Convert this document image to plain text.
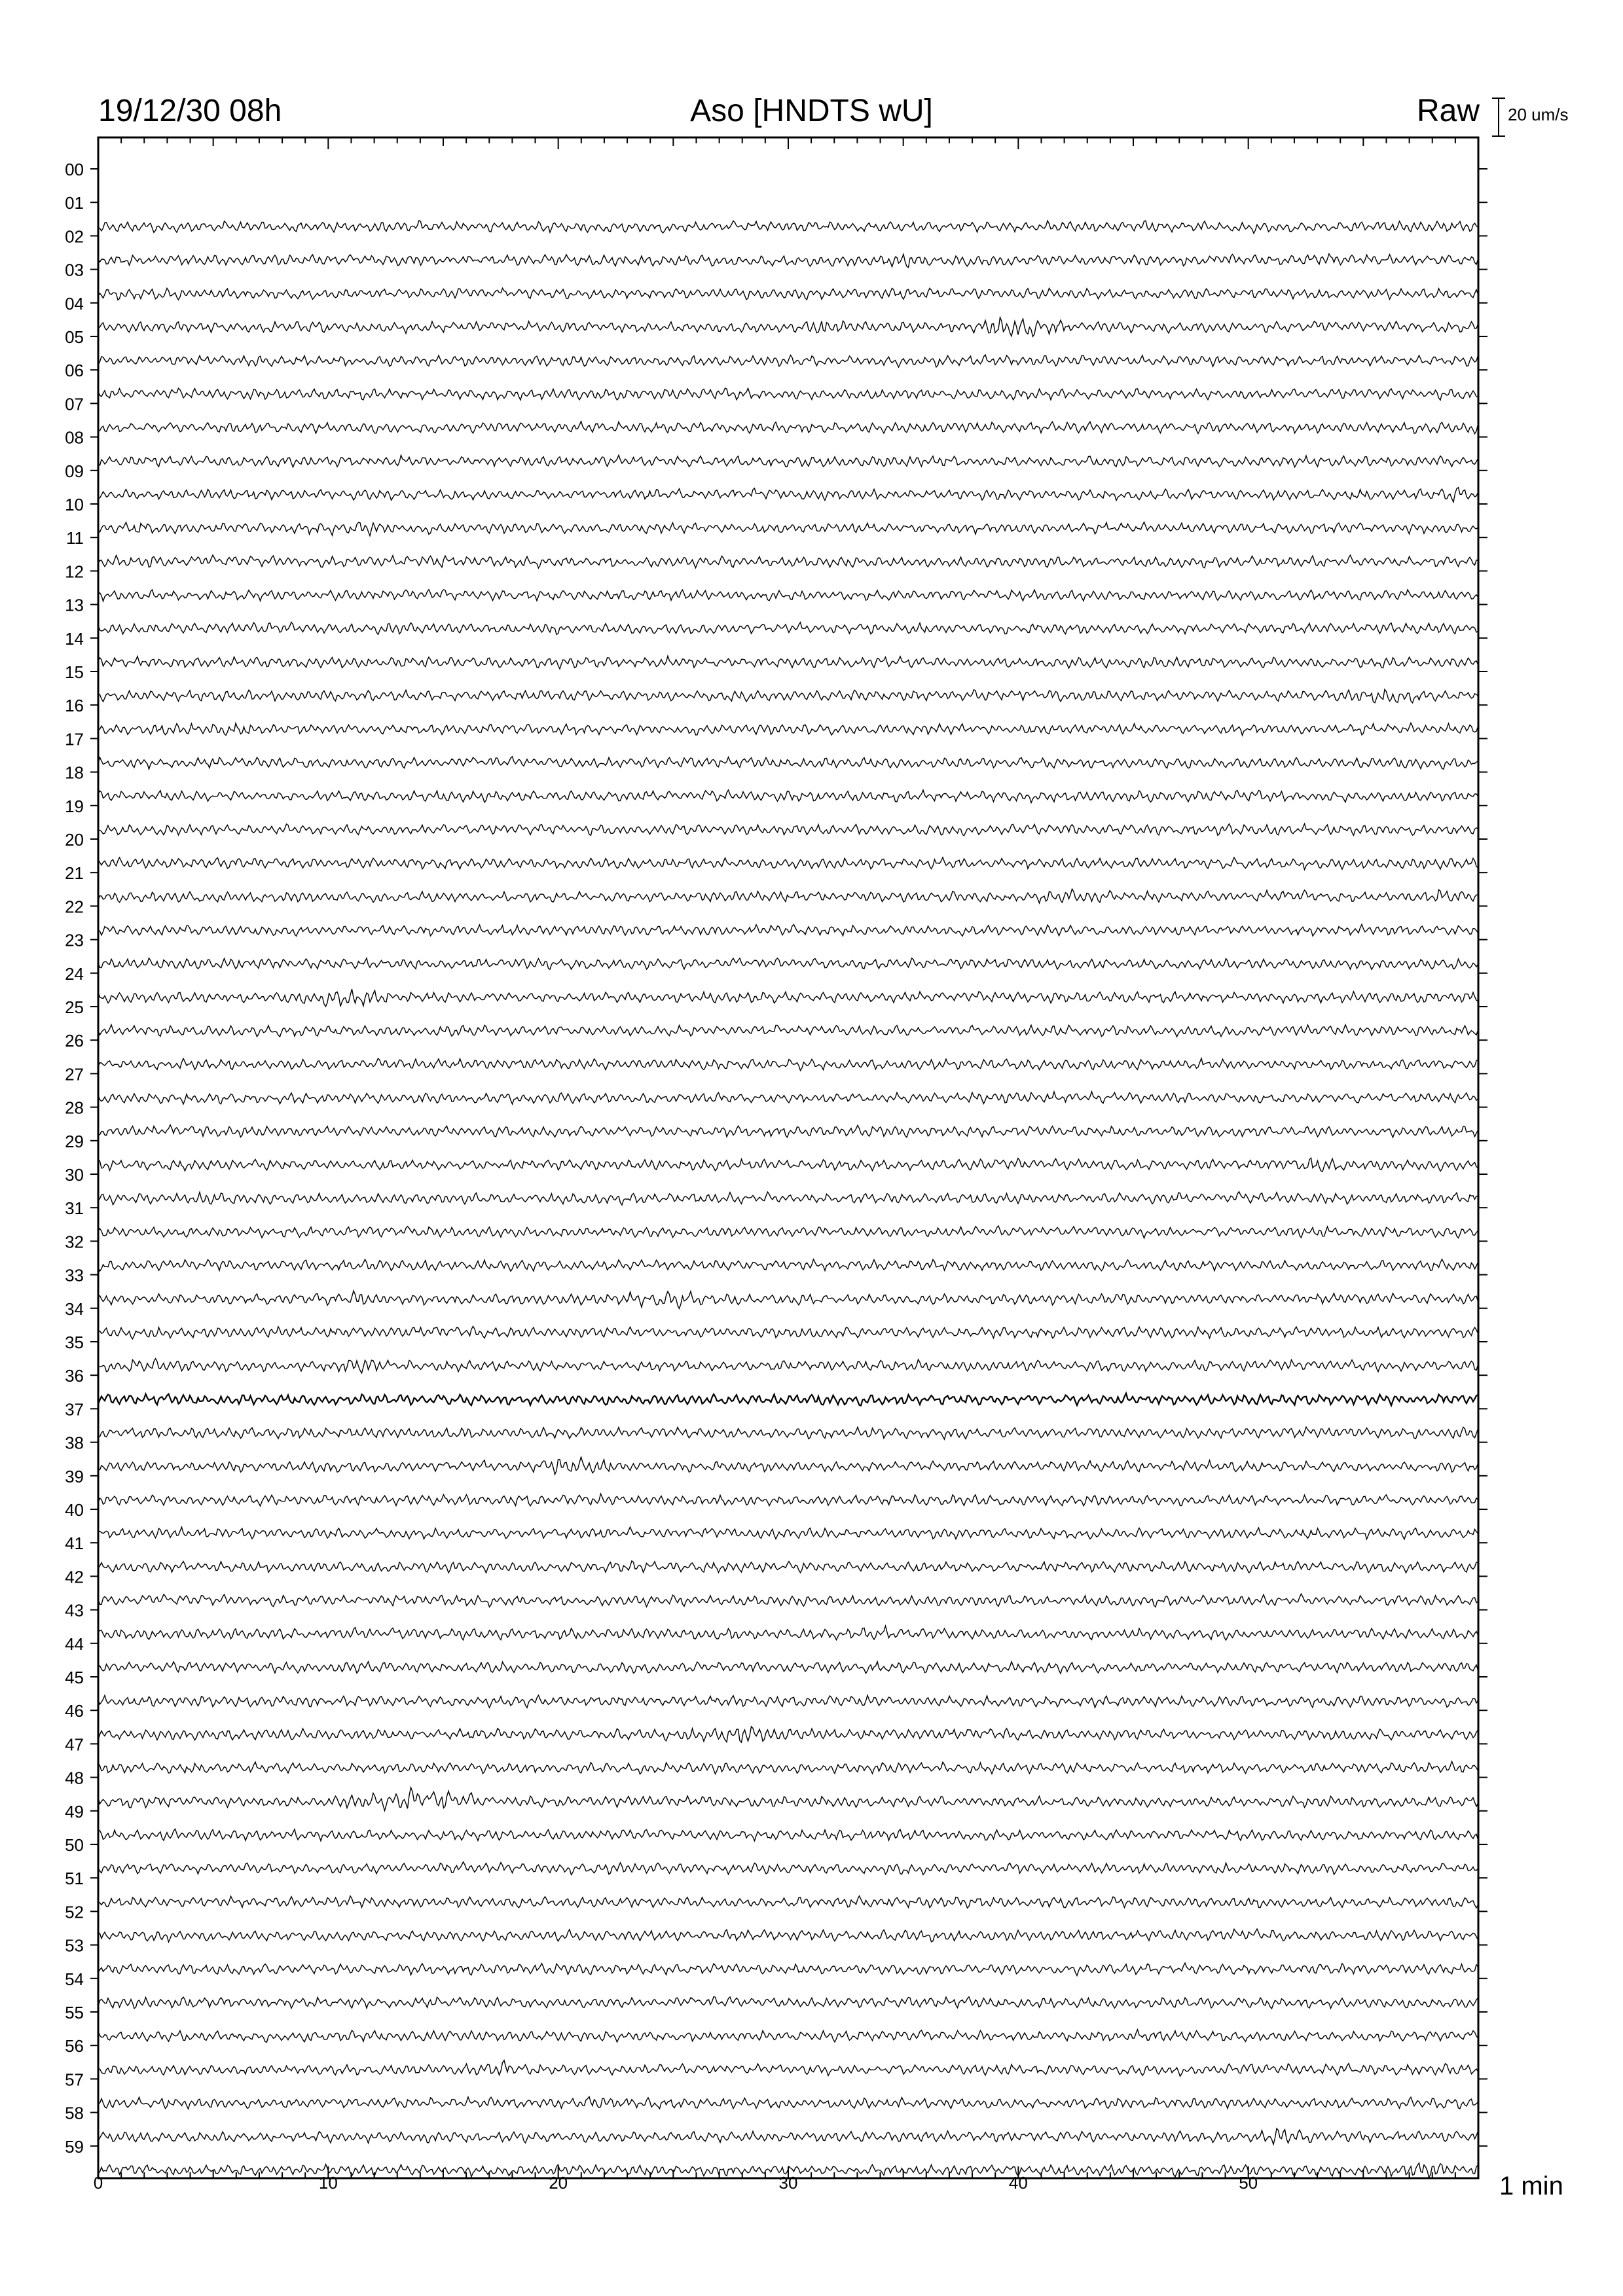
00
01
02
03
04
05
06
07
08
09
10
11
12
13
14
15
16
17
18
19
20
21
22
23
24
25
26
27
28
29
30
31
32
33
34
35
36
37
38
39
40
41
42
43
44
45
46
47
48
49
50
51
52
53
54
55
56
57
58
59
0	10	20	30	40	50
19/12/30 08h	Aso [HNDTS wU]	Raw 20 um/s
1 min
